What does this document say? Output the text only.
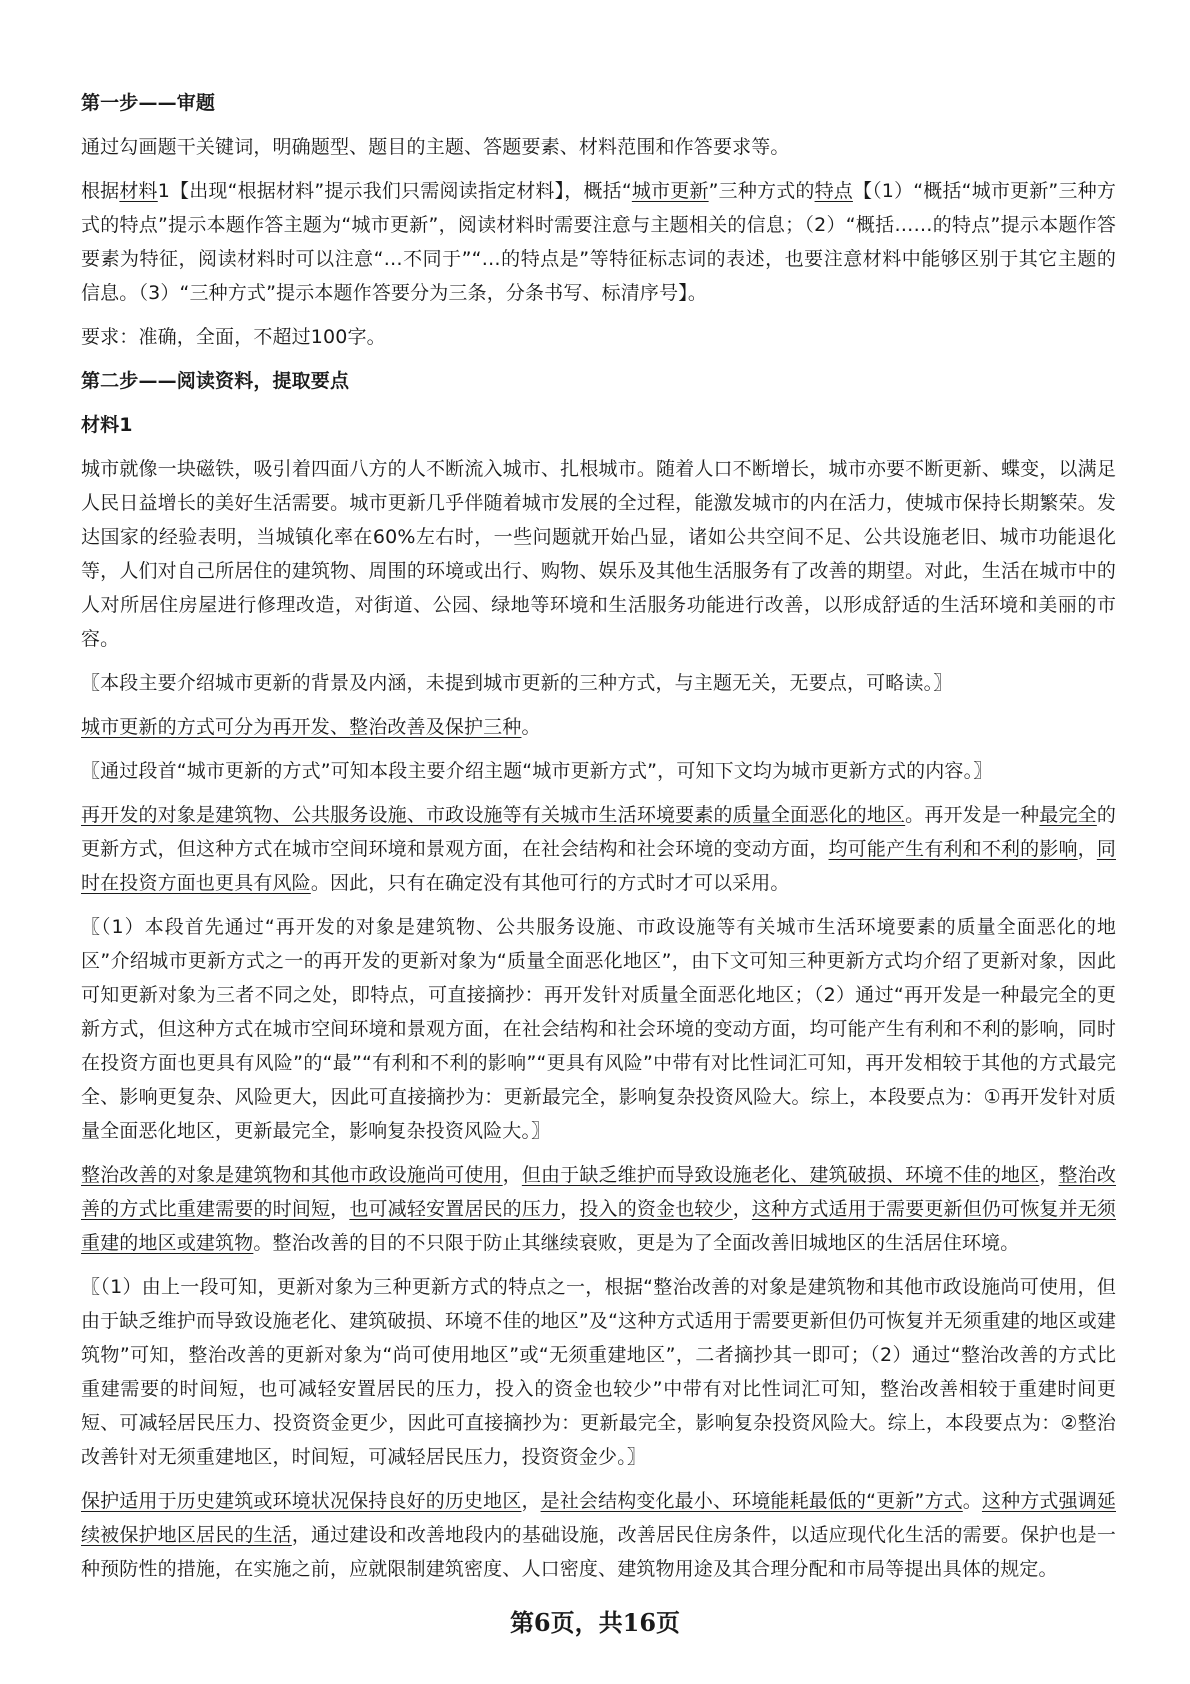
第一步——审题

通过勾画题干关键词，明确题型、题目的主题、答题要素、材料范围和作答要求等。

根据材料1【出现“根据材料”提示我们只需阅读指定材料】，概括“城市更新”三种方式的特点【（1）“概括“城市更新”三种方式的特点”提示本题作答主题为“城市更新”，阅读材料时需要注意与主题相关的信息；（2）“概括……的特点”提示本题作答要素为特征，阅读材料时可以注意“…不同于”“…的特点是”等特征标志词的表述，也要注意材料中能够区别于其它主题的信息。（3）“三种方式”提示本题作答要分为三条，分条书写、标清序号】。

要求：准确，全面，不超过100字。

第二步——阅读资料，提取要点

材料1

城市就像一块磁铁，吸引着四面八方的人不断流入城市、扎根城市。随着人口不断增长，城市亦要不断更新、蝶变，以满足人民日益增长的美好生活需要。城市更新几乎伴随着城市发展的全过程，能激发城市的内在活力，使城市保持长期繁荣。发达国家的经验表明，当城镇化率在60%左右时，一些问题就开始凸显，诸如公共空间不足、公共设施老旧、城市功能退化等，人们对自己所居住的建筑物、周围的环境或出行、购物、娱乐及其他生活服务有了改善的期望。对此，生活在城市中的人对所居住房屋进行修理改造，对街道、公园、绿地等环境和生活服务功能进行改善，以形成舒适的生活环境和美丽的市容。

〖本段主要介绍城市更新的背景及内涵，未提到城市更新的三种方式，与主题无关，无要点，可略读。〗

城市更新的方式可分为再开发、整治改善及保护三种。

〖通过段首“城市更新的方式”可知本段主要介绍主题“城市更新方式”，可知下文均为城市更新方式的内容。〗

再开发的对象是建筑物、公共服务设施、市政设施等有关城市生活环境要素的质量全面恶化的地区。再开发是一种最完全的更新方式，但这种方式在城市空间环境和景观方面，在社会结构和社会环境的变动方面，均可能产生有利和不利的影响，同时在投资方面也更具有风险。因此，只有在确定没有其他可行的方式时才可以采用。

〖（1）本段首先通过“再开发的对象是建筑物、公共服务设施、市政设施等有关城市生活环境要素的质量全面恶化的地区”介绍城市更新方式之一的再开发的更新对象为“质量全面恶化地区”，由下文可知三种更新方式均介绍了更新对象，因此可知更新对象为三者不同之处，即特点，可直接摘抄：再开发针对质量全面恶化地区；（2）通过“再开发是一种最完全的更新方式，但这种方式在城市空间环境和景观方面，在社会结构和社会环境的变动方面，均可能产生有利和不利的影响，同时在投资方面也更具有风险”的“最”“有利和不利的影响”“更具有风险”中带有对比性词汇可知，再开发相较于其他的方式最完全、影响更复杂、风险更大，因此可直接摘抄为：更新最完全，影响复杂投资风险大。综上，本段要点为：①再开发针对质量全面恶化地区，更新最完全，影响复杂投资风险大。〗

整治改善的对象是建筑物和其他市政设施尚可使用，但由于缺乏维护而导致设施老化、建筑破损、环境不佳的地区，整治改善的方式比重建需要的时间短，也可减轻安置居民的压力，投入的资金也较少，这种方式适用于需要更新但仍可恢复并无须重建的地区或建筑物。整治改善的目的不只限于防止其继续衰败，更是为了全面改善旧城地区的生活居住环境。

〖（1）由上一段可知，更新对象为三种更新方式的特点之一，根据“整治改善的对象是建筑物和其他市政设施尚可使用，但由于缺乏维护而导致设施老化、建筑破损、环境不佳的地区”及“这种方式适用于需要更新但仍可恢复并无须重建的地区或建筑物”可知，整治改善的更新对象为“尚可使用地区”或“无须重建地区”，二者摘抄其一即可；（2）通过“整治改善的方式比重建需要的时间短，也可减轻安置居民的压力，投入的资金也较少”中带有对比性词汇可知，整治改善相较于重建时间更短、可减轻居民压力、投资资金更少，因此可直接摘抄为：更新最完全，影响复杂投资风险大。综上，本段要点为：②整治改善针对无须重建地区，时间短，可减轻居民压力，投资资金少。〗

保护适用于历史建筑或环境状况保持良好的历史地区，是社会结构变化最小、环境能耗最低的“更新”方式。这种方式强调延续被保护地区居民的生活，通过建设和改善地段内的基础设施，改善居民住房条件，以适应现代化生活的需要。保护也是一种预防性的措施，在实施之前，应就限制建筑密度、人口密度、建筑物用途及其合理分配和市局等提出具体的规定。

第6页，共16页
